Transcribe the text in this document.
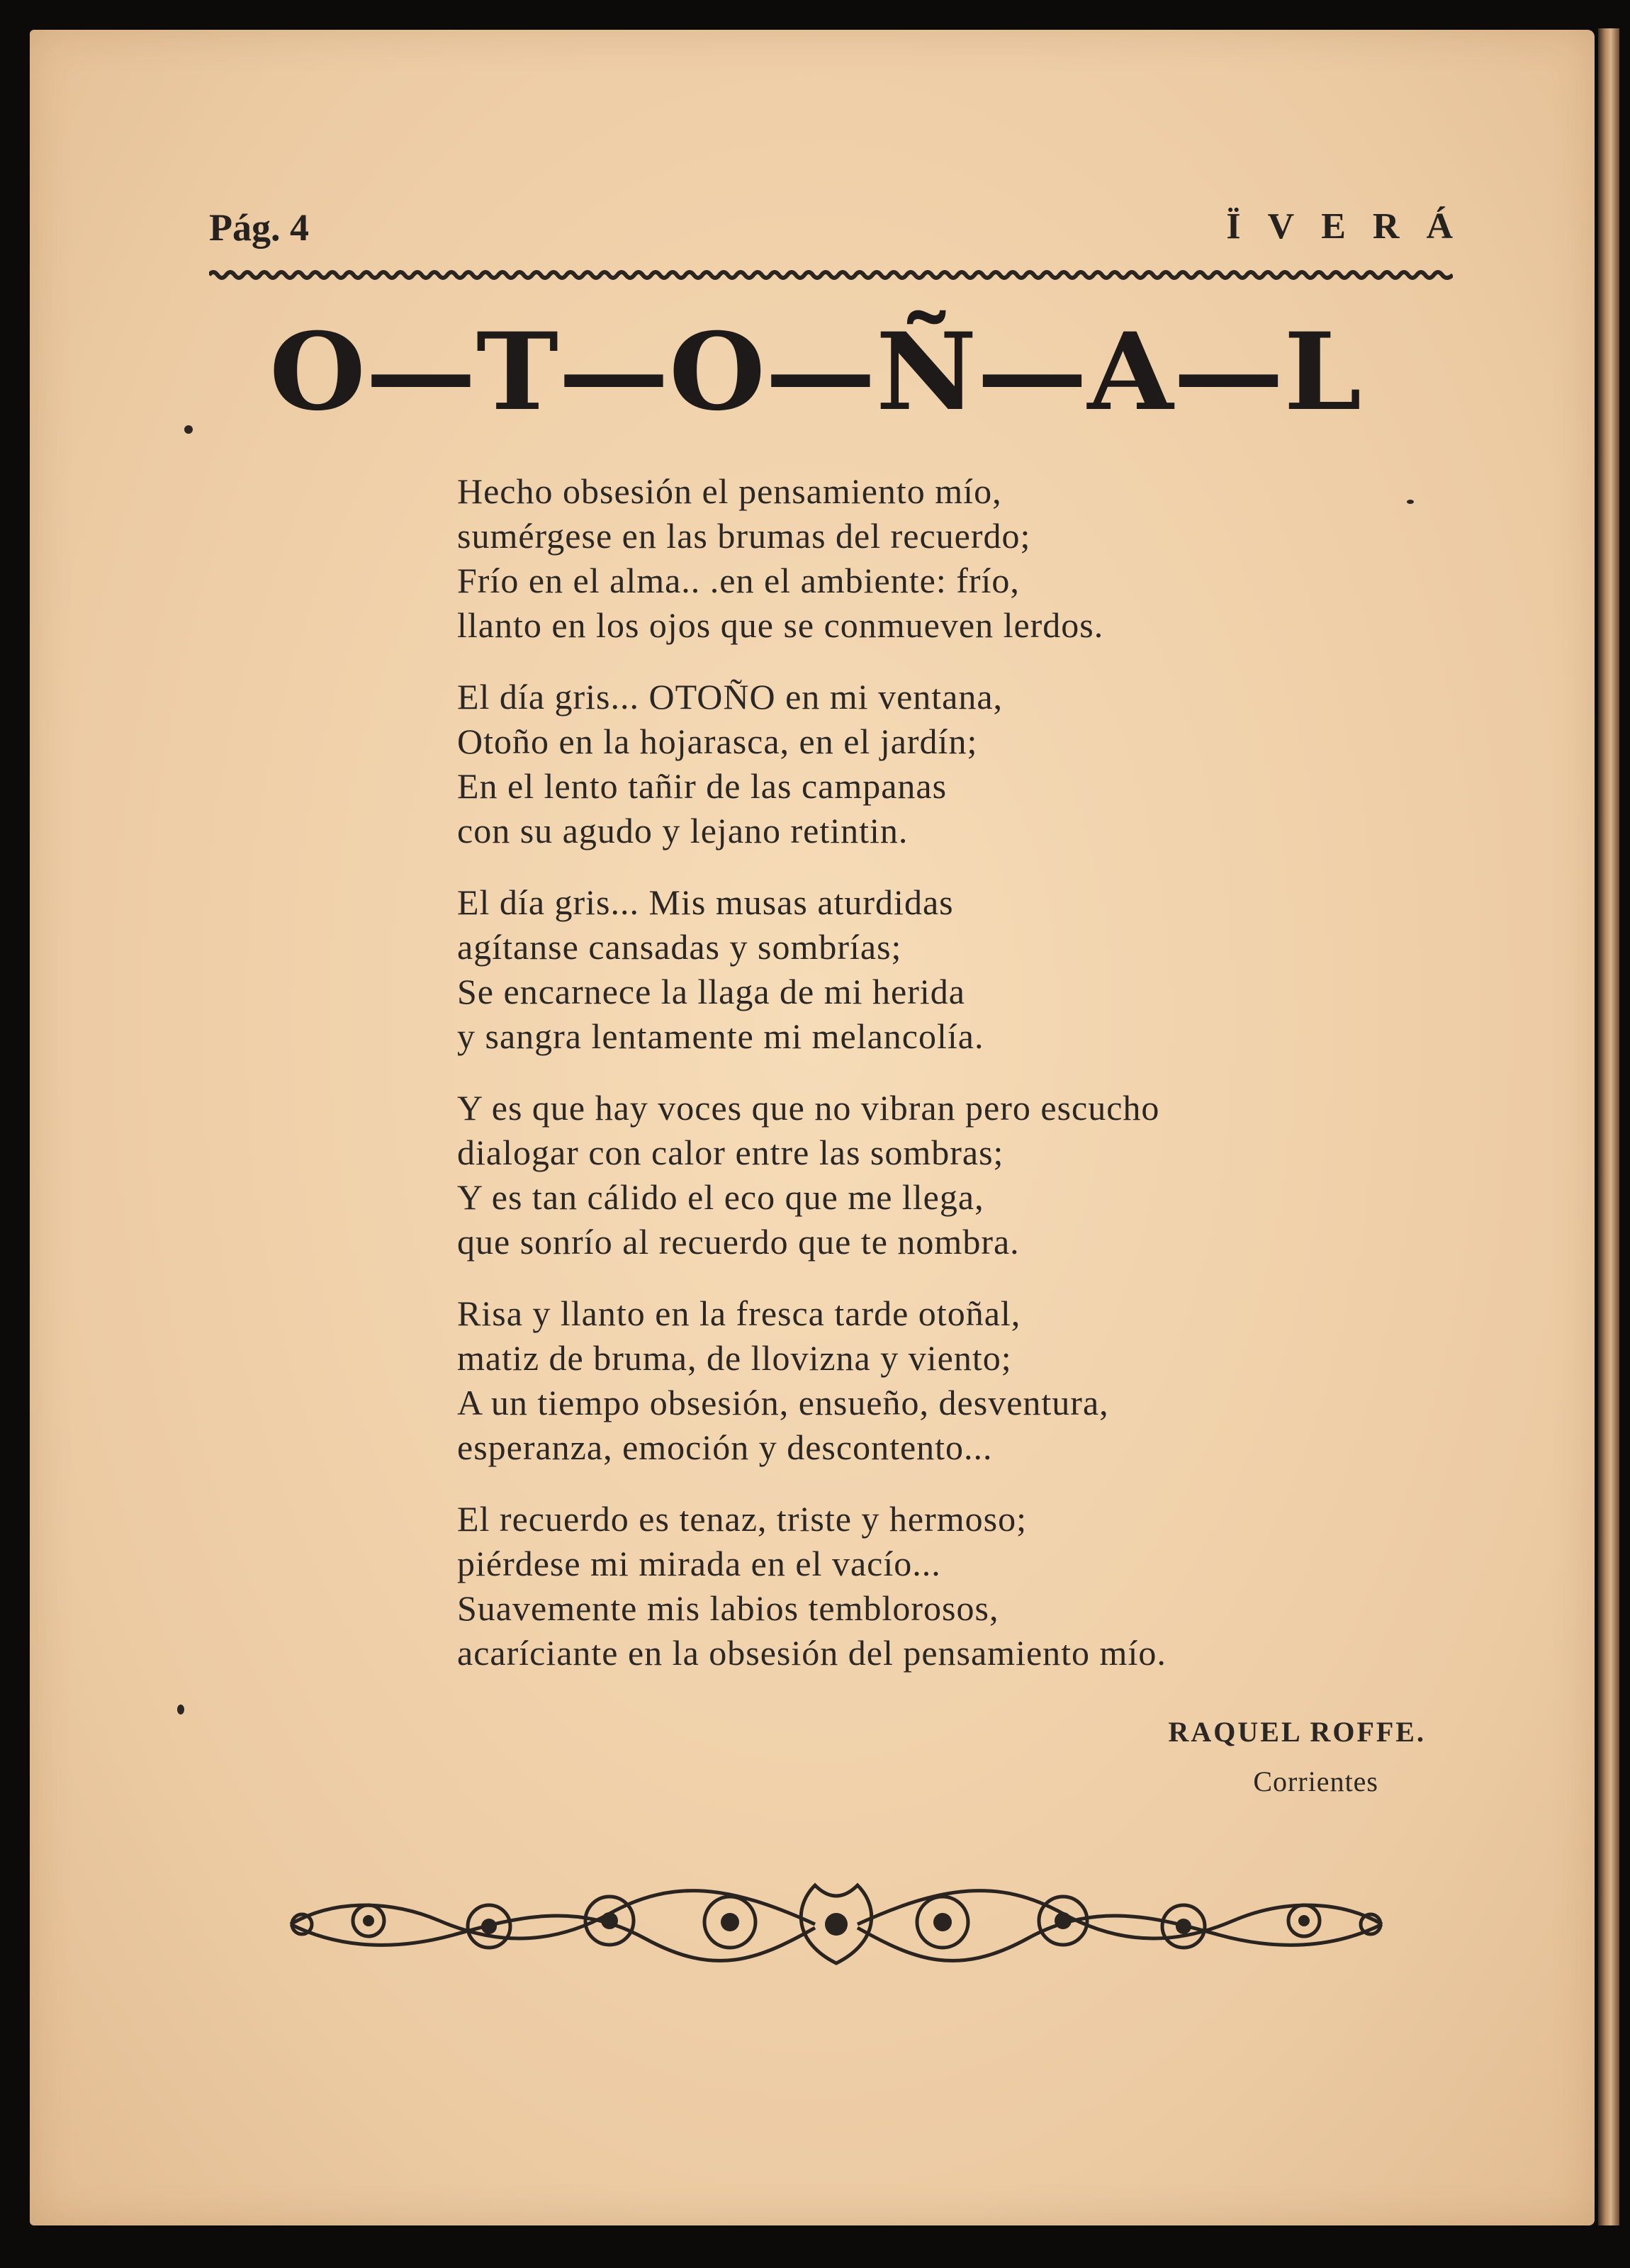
Pág. 4	ÏVERÁ
O—T—O—Ñ—A—L
Hecho obsesión el pensamiento mío,
sumérgese en las brumas del recuerdo;
Frío en el alma.. .en el ambiente: frío,
llanto en los ojos que se conmueven lerdos.
El día gris... OTOÑO en mi ventana,
Otoño en la hojarasca, en el jardín;
En el lento tañir de las campanas
con su agudo y lejano retintin.
El día gris... Mis musas aturdidas
agítanse cansadas y sombrías;
Se encarnece la llaga de mi herida
y sangra lentamente mi melancolía.
Y es que hay voces que no vibran pero escucho
dialogar con calor entre las sombras;
Y es tan cálido el eco que me llega,
que sonrío al recuerdo que te nombra.
Risa y llanto en la fresca tarde otoñal,
matiz de bruma, de llovizna y viento;
A un tiempo obsesión, ensueño, desventura,
esperanza, emoción y descontento...
El recuerdo es tenaz, triste y hermoso;
piérdese mi mirada en el vacío...
Suavemente mis labios temblorosos,
acaríciante en la obsesión del pensamiento mío.
RAQUEL ROFFE.
Corrientes
